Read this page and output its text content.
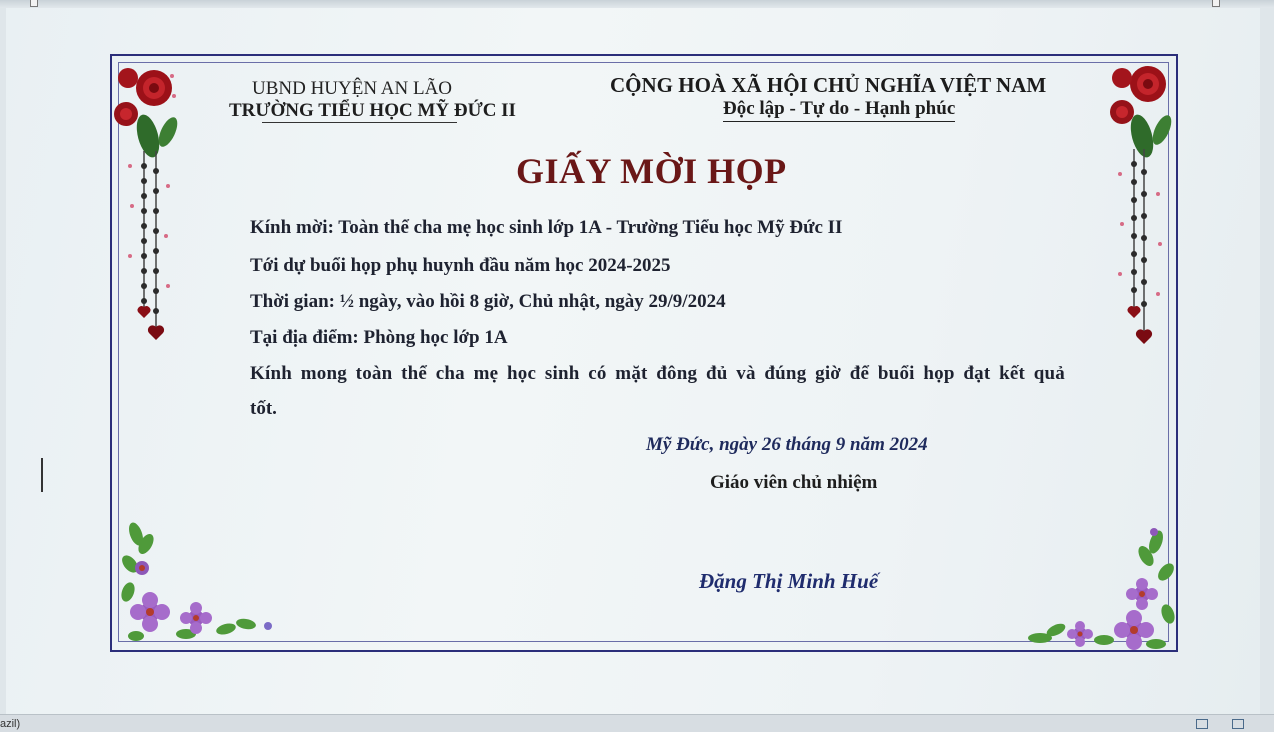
UBND HUYỆN AN LÃO
TRƯỜNG TIỂU HỌC MỸ ĐỨC II
CỘNG HOÀ XÃ HỘI CHỦ NGHĨA VIỆT NAM
Độc lập - Tự do - Hạnh phúc
GIẤY MỜI HỌP
Kính mời: Toàn thể cha mẹ học sinh lớp 1A - Trường Tiểu học Mỹ Đức II
Tới dự buổi họp phụ huynh đầu năm học 2024-2025
Thời gian: ½ ngày, vào hồi 8 giờ, Chủ nhật, ngày 29/9/2024
Tại địa điểm: Phòng học lớp 1A
Kính mong toàn thể cha mẹ học sinh có mặt đông đủ và đúng giờ để buổi họp đạt kết quả
tốt.
Mỹ Đức, ngày 26 tháng 9 năm 2024
Giáo viên chủ nhiệm
Đặng Thị Minh Huế
azil)
